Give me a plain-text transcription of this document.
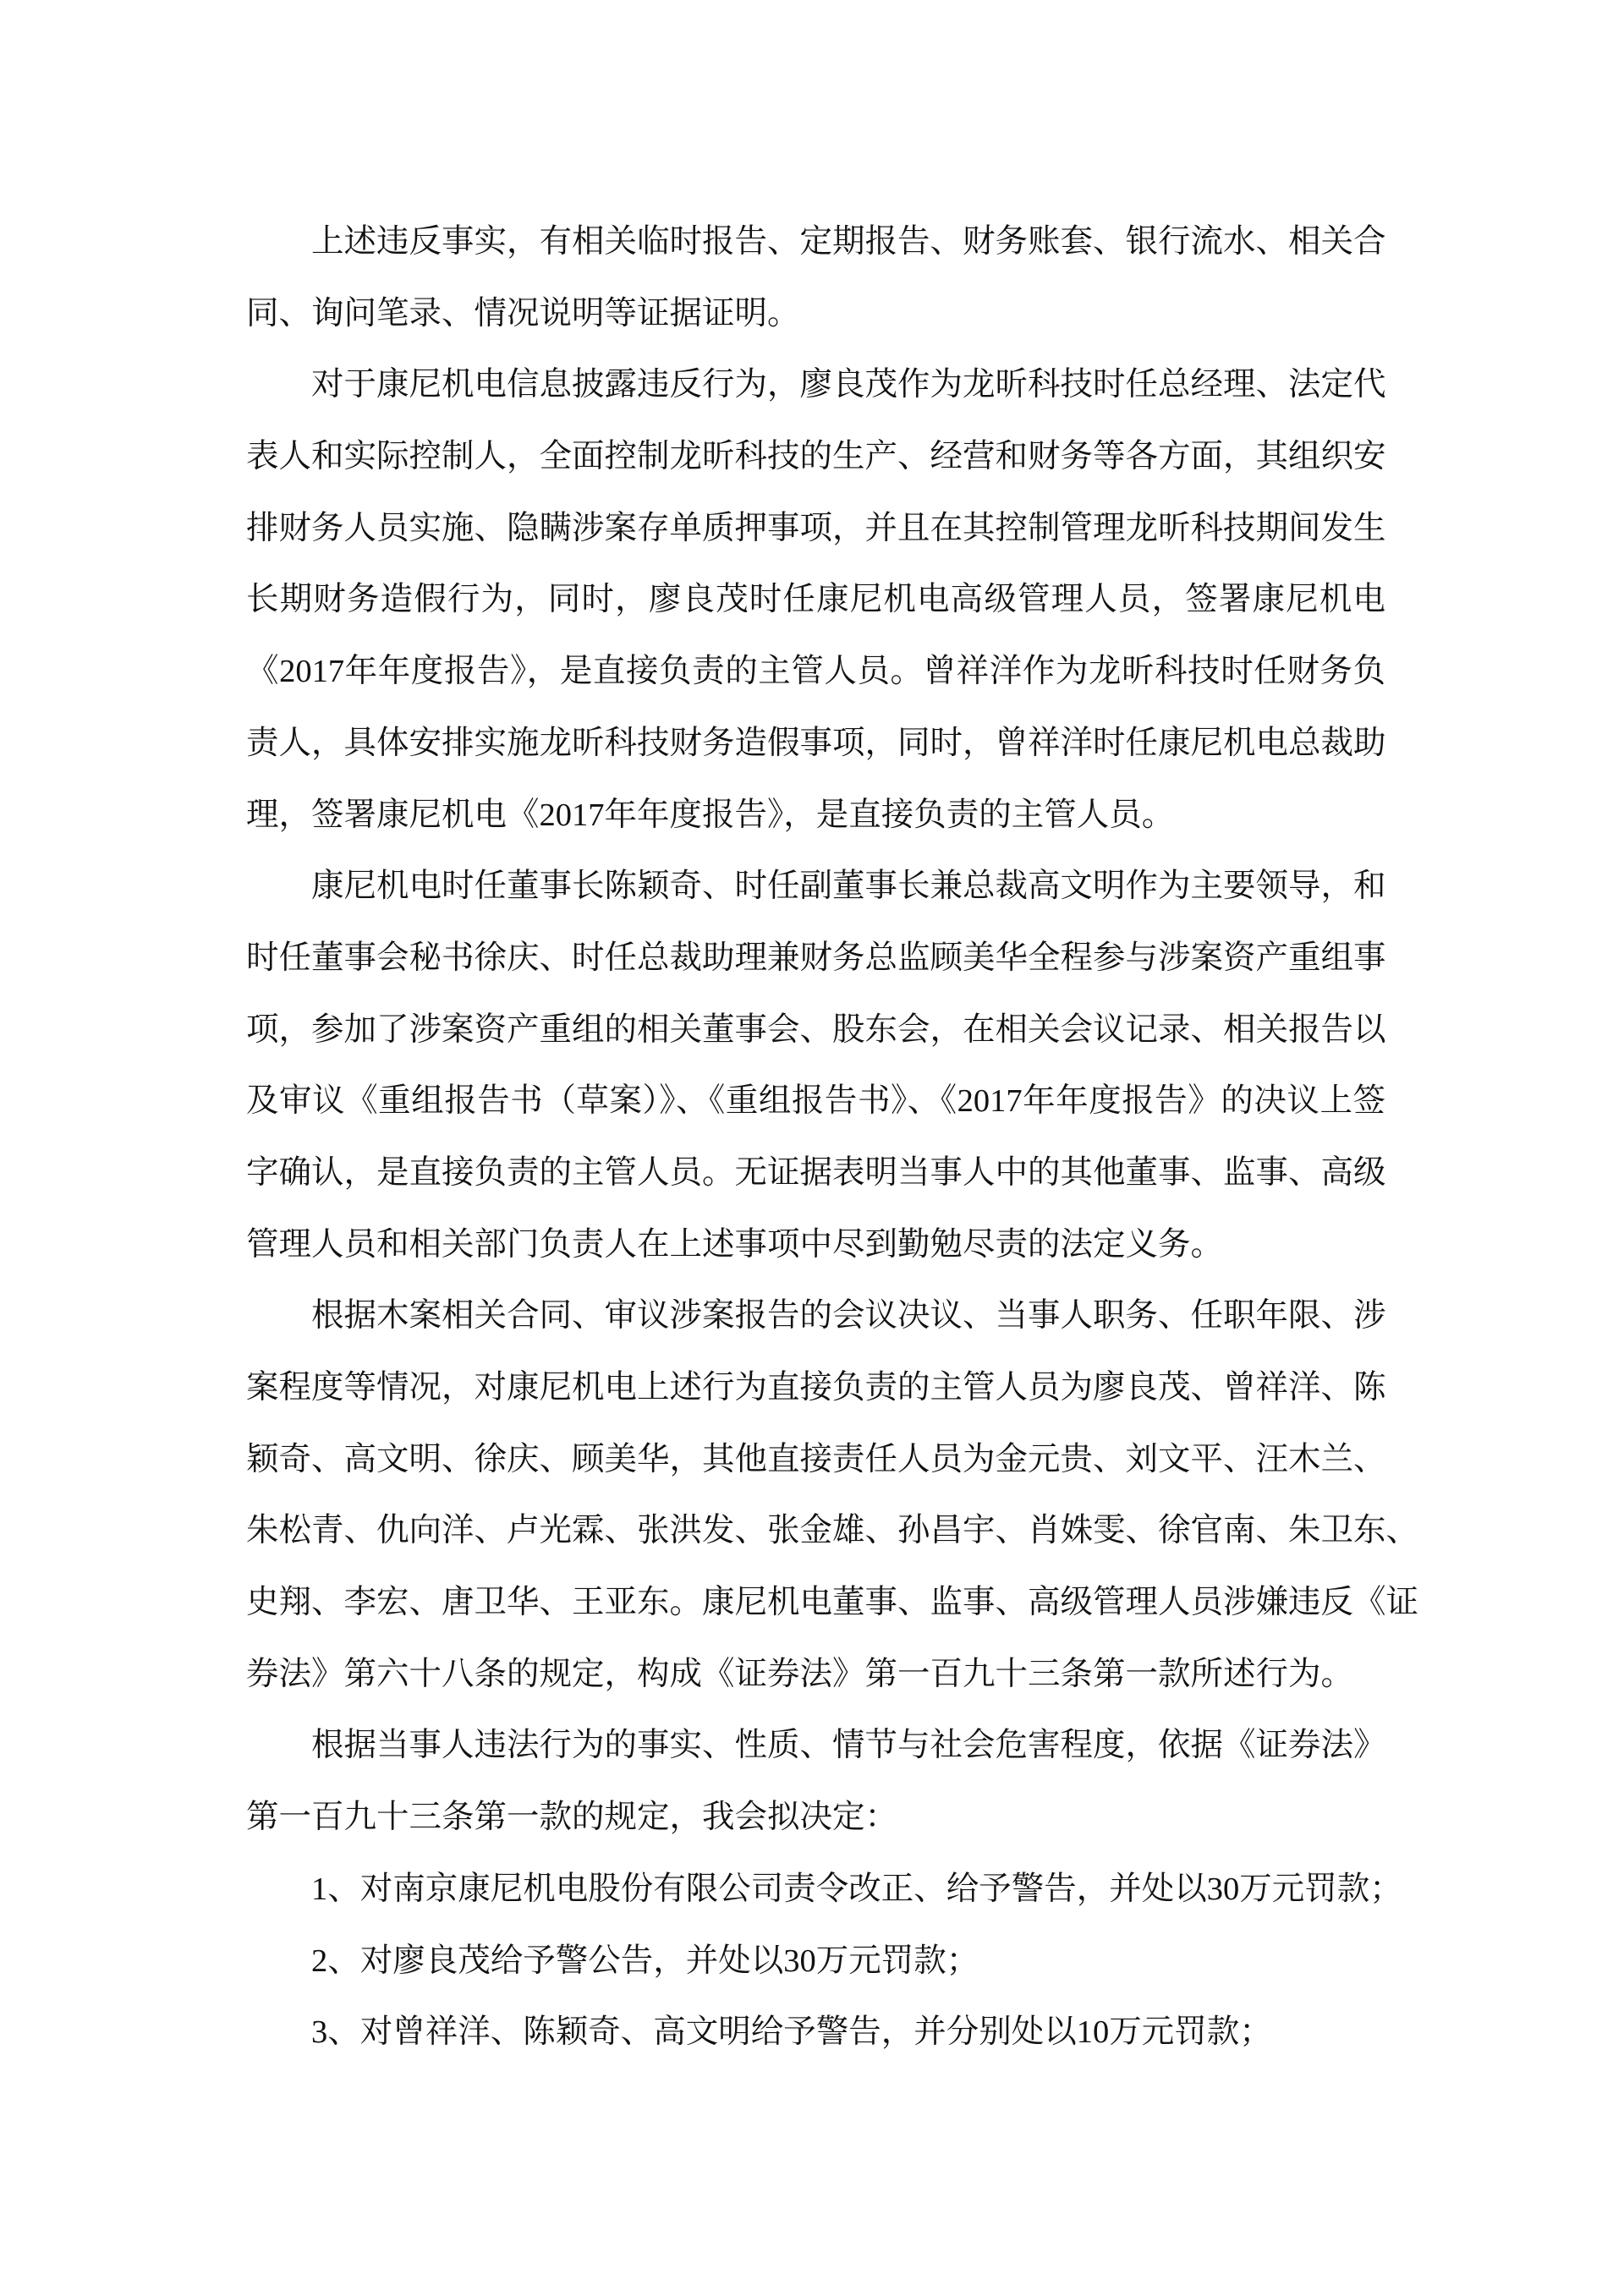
上述违反事实，有相关临时报告、定期报告、财务账套、银行流水、相关合
同、询问笔录、情况说明等证据证明。
对于康尼机电信息披露违反行为，廖良茂作为龙昕科技时任总经理、法定代
表人和实际控制人，全面控制龙昕科技的生产、经营和财务等各方面，其组织安
排财务人员实施、隐瞒涉案存单质押事项，并且在其控制管理龙昕科技期间发生
长期财务造假行为，同时，廖良茂时任康尼机电高级管理人员，签署康尼机电
《2017年年度报告》，是直接负责的主管人员。曾祥洋作为龙昕科技时任财务负
责人，具体安排实施龙昕科技财务造假事项，同时，曾祥洋时任康尼机电总裁助
理，签署康尼机电《2017年年度报告》，是直接负责的主管人员。
康尼机电时任董事长陈颖奇、时任副董事长兼总裁高文明作为主要领导，和
时任董事会秘书徐庆、时任总裁助理兼财务总监顾美华全程参与涉案资产重组事
项，参加了涉案资产重组的相关董事会、股东会，在相关会议记录、相关报告以
及审议《重组报告书（草案）》、《重组报告书》、《2017年年度报告》的决议上签
字确认，是直接负责的主管人员。无证据表明当事人中的其他董事、监事、高级
管理人员和相关部门负责人在上述事项中尽到勤勉尽责的法定义务。
根据木案相关合同、审议涉案报告的会议决议、当事人职务、任职年限、涉
案程度等情况，对康尼机电上述行为直接负责的主管人员为廖良茂、曾祥洋、陈
颖奇、高文明、徐庆、顾美华，其他直接责任人员为金元贵、刘文平、汪木兰、
朱松青、仇向洋、卢光霖、张洪发、张金雄、孙昌宇、肖姝雯、徐官南、朱卫东、
史翔、李宏、唐卫华、王亚东。康尼机电董事、监事、高级管理人员涉嫌违反《证
券法》第六十八条的规定，构成《证券法》第一百九十三条第一款所述行为。
根据当事人违法行为的事实、性质、情节与社会危害程度，依据《证券法》
第一百九十三条第一款的规定，我会拟决定：
1、对南京康尼机电股份有限公司责令改正、给予警告，并处以30万元罚款；
2、对廖良茂给予警公告，并处以30万元罚款；
3、对曾祥洋、陈颖奇、高文明给予警告，并分别处以10万元罚款；
